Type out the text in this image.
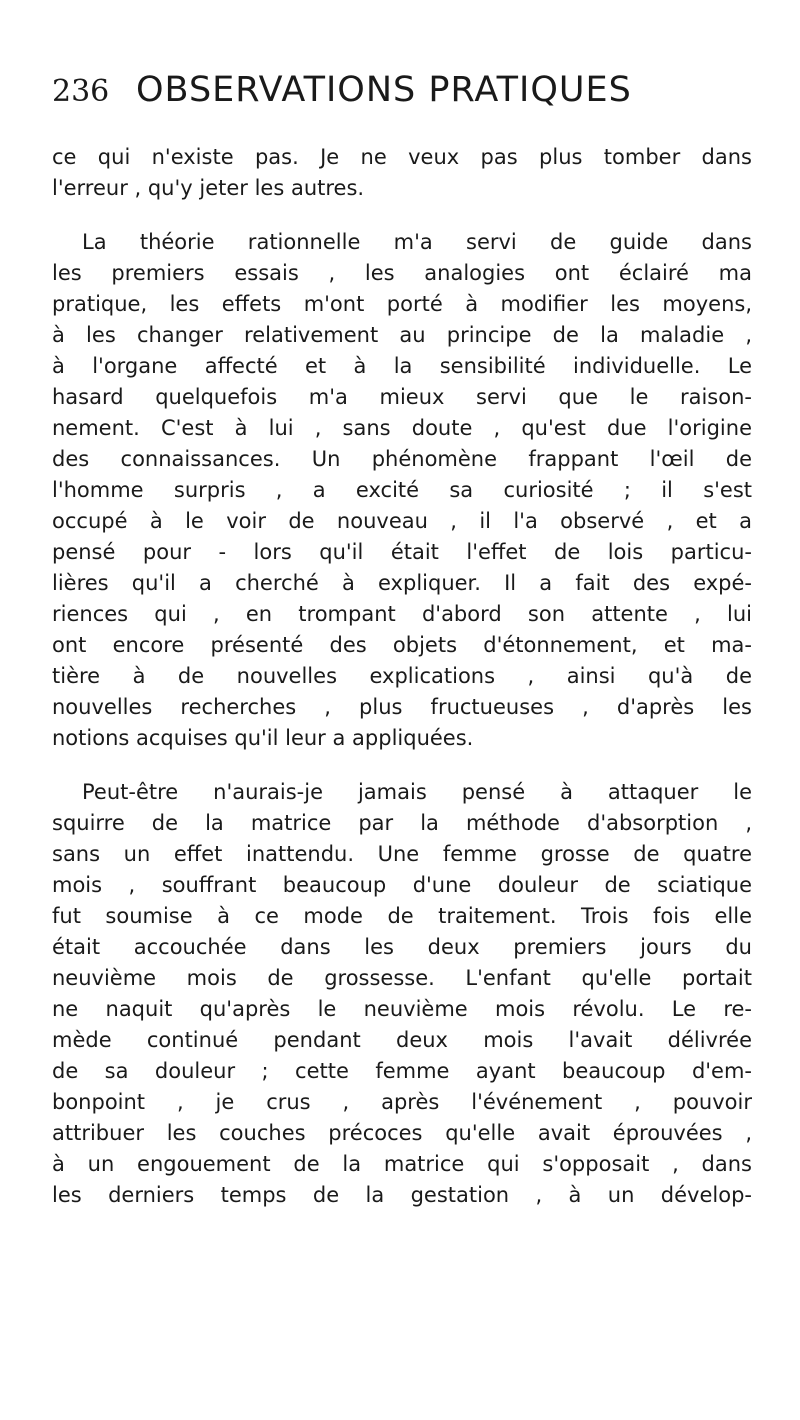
236 OBSERVATIONS PRATIQUES

ce qui n'existe pas. Je ne veux pas plus tomber dans
l'erreur , qu'y jeter les autres.

La théorie rationnelle m'a servi de guide dans
les premiers essais , les analogies ont éclairé ma
pratique, les effets m'ont porté à modifier les moyens,
à les changer relativement au principe de la maladie ,
à l'organe affecté et à la sensibilité individuelle. Le
hasard quelquefois m'a mieux servi que le raison-
nement. C'est à lui , sans doute , qu'est due l'origine
des connaissances. Un phénomène frappant l'œil de
l'homme surpris , a excité sa curiosité ; il s'est
occupé à le voir de nouveau , il l'a observé , et a
pensé pour - lors qu'il était l'effet de lois particu-
lières qu'il a cherché à expliquer. Il a fait des expé-
riences qui , en trompant d'abord son attente , lui
ont encore présenté des objets d'étonnement, et ma-
tière à de nouvelles explications , ainsi qu'à de
nouvelles recherches , plus fructueuses , d'après les
notions acquises qu'il leur a appliquées.

Peut-être n'aurais-je jamais pensé à attaquer le
squirre de la matrice par la méthode d'absorption ,
sans un effet inattendu. Une femme grosse de quatre
mois , souffrant beaucoup d'une douleur de sciatique
fut soumise à ce mode de traitement. Trois fois elle
était accouchée dans les deux premiers jours du
neuvième mois de grossesse. L'enfant qu'elle portait
ne naquit qu'après le neuvième mois révolu. Le re-
mède continué pendant deux mois l'avait délivrée
de sa douleur ; cette femme ayant beaucoup d'em-
bonpoint , je crus , après l'événement , pouvoir
attribuer les couches précoces qu'elle avait éprouvées ,
à un engouement de la matrice qui s'opposait , dans
les derniers temps de la gestation , à un dévelop-
